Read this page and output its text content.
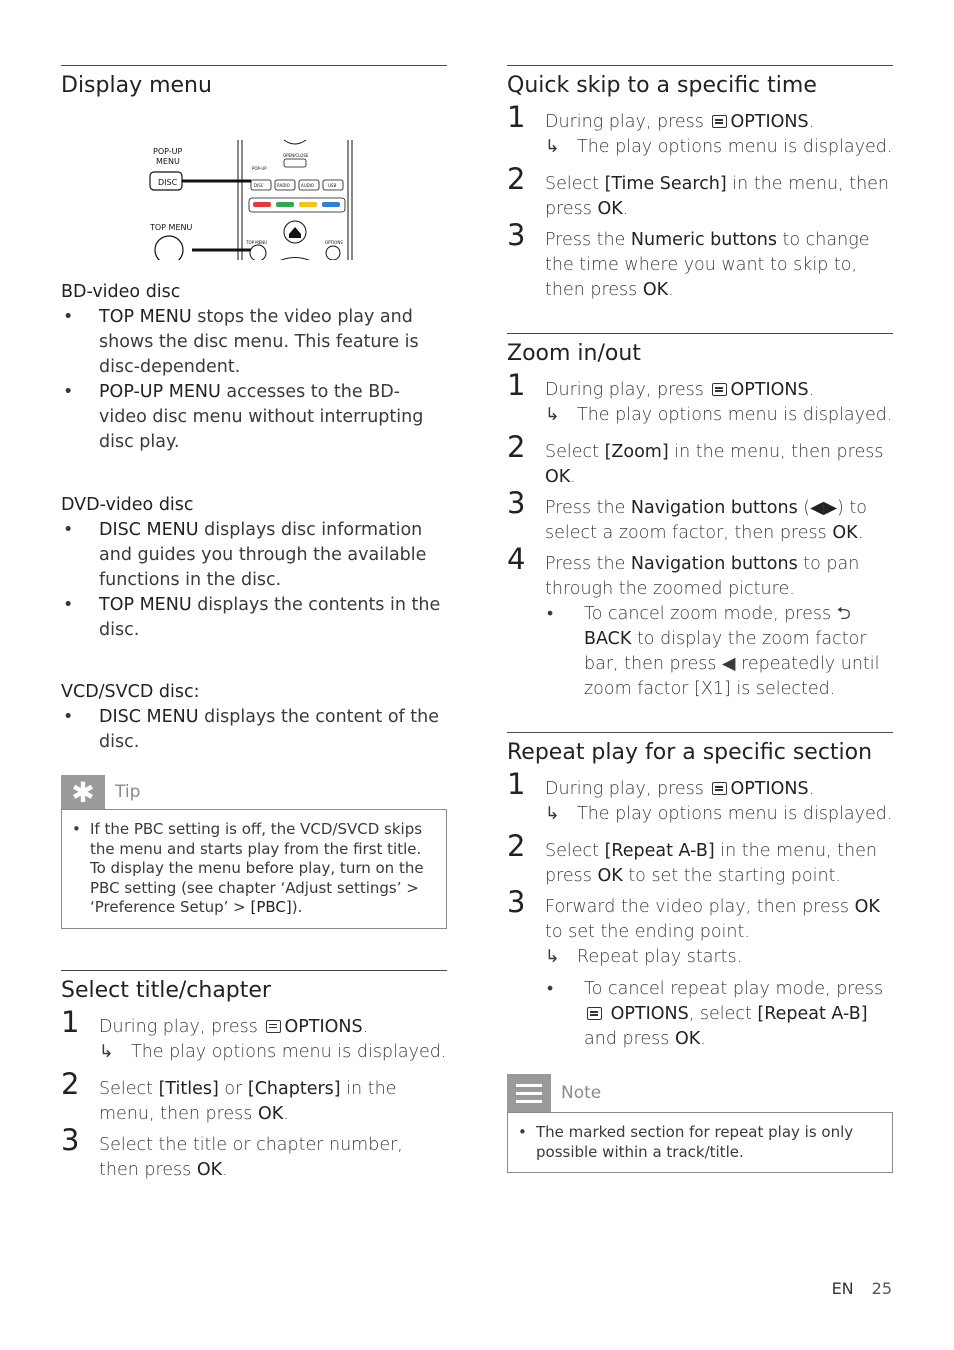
Display menu
POP-UP
MENU
DISC
TOP MENU
OPEN/CLOSE
POP-UP
DISC	RADIO	AUDIO	USB
TOP MENU	OPTIONS
BD-video disc
• TOP MENU stops the video play and shows the disc menu. This feature is disc-dependent.
• POP-UP MENU accesses to the BD-video disc menu without interrupting disc play.
DVD-video disc
• DISC MENU displays disc information and guides you through the available functions in the disc.
• TOP MENU displays the contents in the disc.
VCD/SVCD disc:
• DISC MENU displays the content of the disc.
✱	Tip
• If the PBC setting is off, the VCD/SVCD skips the menu and starts play from the first title. To display the menu before play, turn on the PBC setting (see chapter ‘Adjust settings’ > ‘Preference Setup’ > [PBC]).
Select title/chapter
1 During play, press OPTIONS.
↳ The play options menu is displayed.
2 Select [Titles] or [Chapters] in the menu, then press OK.
3 Select the title or chapter number, then press OK.
Quick skip to a specific time
1 During play, press OPTIONS.
↳ The play options menu is displayed.
2 Select [Time Search] in the menu, then press OK.
3 Press the Numeric buttons to change the time where you want to skip to, then press OK.
Zoom in/out
1 During play, press OPTIONS.
↳ The play options menu is displayed.
2 Select [Zoom] in the menu, then press OK.
3 Press the Navigation buttons (◀▶) to select a zoom factor, then press OK.
4 Press the Navigation buttons to pan through the zoomed picture.
• To cancel zoom mode, press ⮌ BACK to display the zoom factor bar, then press ◀ repeatedly until zoom factor [X1] is selected.
Repeat play for a specific section
1 During play, press OPTIONS.
↳ The play options menu is displayed.
2 Select [Repeat A-B] in the menu, then press OK to set the starting point.
3 Forward the video play, then press OK to set the ending point.
↳ Repeat play starts.
• To cancel repeat play mode, press  OPTIONS, select [Repeat A-B] and press OK.
Note
• The marked section for repeat play is only possible within a track/title.
EN 25
